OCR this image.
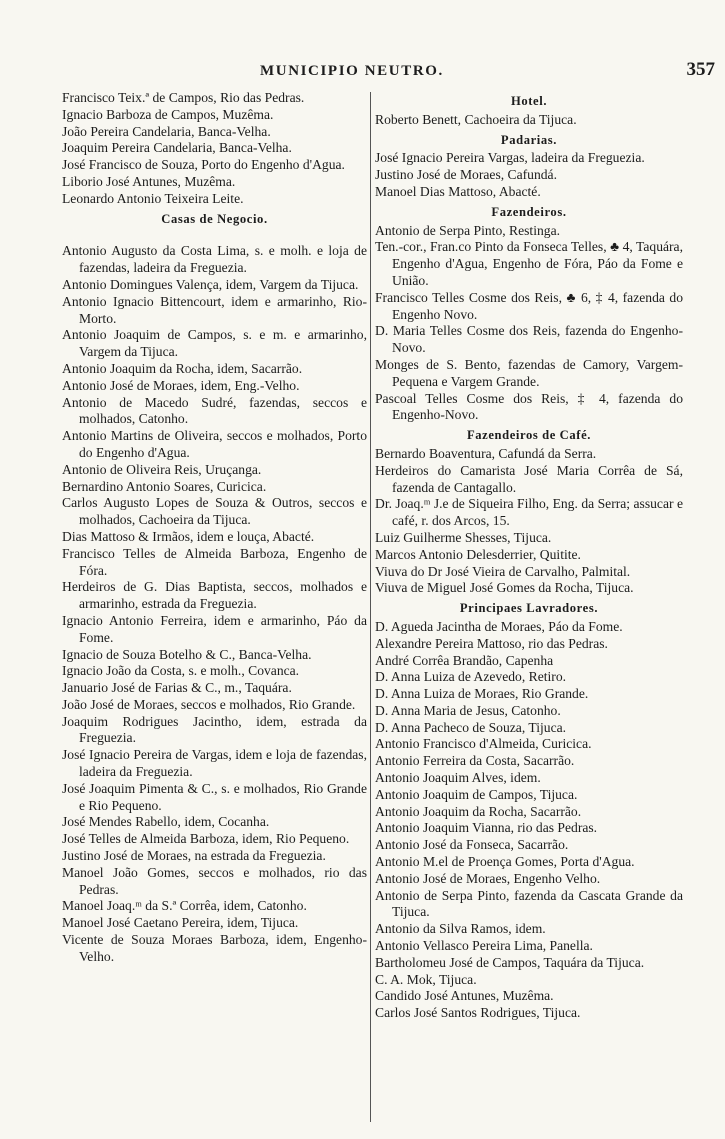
MUNICIPIO NEUTRO.	357
Francisco Teix.ª de Campos, Rio das Pedras.
Ignacio Barboza de Campos, Muzêma.
João Pereira Candelaria, Banca-Velha.
Joaquim Pereira Candelaria, Banca-Velha.
José Francisco de Souza, Porto do Engenho d'Agua.
Liborio José Antunes, Muzêma.
Leonardo Antonio Teixeira Leite.
Casas de Negocio.
Antonio Augusto da Costa Lima, s. e molh. e loja de fazendas, ladeira da Freguezia.
Antonio Domingues Valença, idem, Vargem da Tijuca.
Antonio Ignacio Bittencourt, idem e armarinho, Rio-Morto.
Antonio Joaquim de Campos, s. e m. e armarinho, Vargem da Tijuca.
Antonio Joaquim da Rocha, idem, Sacarrão.
Antonio José de Moraes, idem, Eng.-Velho.
Antonio de Macedo Sudré, fazendas, seccos e molhados, Catonho.
Antonio Martins de Oliveira, seccos e molhados, Porto do Engenho d'Agua.
Antonio de Oliveira Reis, Uruçanga.
Bernardino Antonio Soares, Curicica.
Carlos Augusto Lopes de Souza & Outros, seccos e molhados, Cachoeira da Tijuca.
Dias Mattoso & Irmãos, idem e louça, Abacté.
Francisco Telles de Almeida Barboza, Engenho de Fóra.
Herdeiros de G. Dias Baptista, seccos, molhados e armarinho, estrada da Freguezia.
Ignacio Antonio Ferreira, idem e armarinho, Páo da Fome.
Ignacio de Souza Botelho & C., Banca-Velha.
Ignacio João da Costa, s. e molh., Covanca.
Januario José de Farias & C., m., Taquára.
João José de Moraes, seccos e molhados, Rio Grande.
Joaquim Rodrigues Jacintho, idem, estrada da Freguezia.
José Ignacio Pereira de Vargas, idem e loja de fazendas, ladeira da Freguezia.
José Joaquim Pimenta & C., s. e molhados, Rio Grande e Rio Pequeno.
José Mendes Rabello, idem, Cocanha.
José Telles de Almeida Barboza, idem, Rio Pequeno.
Justino José de Moraes, na estrada da Freguezia.
Manoel João Gomes, seccos e molhados, rio das Pedras.
Manoel Joaq.ᵐ da S.ª Corrêa, idem, Catonho.
Manoel José Caetano Pereira, idem, Tijuca.
Vicente de Souza Moraes Barboza, idem, Engenho-Velho.
Hotel.
Roberto Benett, Cachoeira da Tijuca.
Padarias.
José Ignacio Pereira Vargas, ladeira da Freguezia.
Justino José de Moraes, Cafundá.
Manoel Dias Mattoso, Abacté.
Fazendeiros.
Antonio de Serpa Pinto, Restinga.
Ten.-cor., Fran.co Pinto da Fonseca Telles, ♣ 4, Taquára, Engenho d'Agua, Engenho de Fóra, Páo da Fome e União.
Francisco Telles Cosme dos Reis, ♣ 6, ‡ 4, fazenda do Engenho Novo.
D. Maria Telles Cosme dos Reis, fazenda do Engenho-Novo.
Monges de S. Bento, fazendas de Camory, Vargem-Pequena e Vargem Grande.
Pascoal Telles Cosme dos Reis, ‡ 4, fazenda do Engenho-Novo.
Fazendeiros de Café.
Bernardo Boaventura, Cafundá da Serra.
Herdeiros do Camarista José Maria Corrêa de Sá, fazenda de Cantagallo.
Dr. Joaq.ᵐ J.e de Siqueira Filho, Eng. da Serra; assucar e café, r. dos Arcos, 15.
Luiz Guilherme Shesses, Tijuca.
Marcos Antonio Delesderrier, Quitite.
Viuva do Dr José Vieira de Carvalho, Palmital.
Viuva de Miguel José Gomes da Rocha, Tijuca.
Principaes Lavradores.
D. Agueda Jacintha de Moraes, Páo da Fome.
Alexandre Pereira Mattoso, rio das Pedras.
André Corrêa Brandão, Capenha
D. Anna Luiza de Azevedo, Retiro.
D. Anna Luiza de Moraes, Rio Grande.
D. Anna Maria de Jesus, Catonho.
D. Anna Pacheco de Souza, Tijuca.
Antonio Francisco d'Almeida, Curicica.
Antonio Ferreira da Costa, Sacarrão.
Antonio Joaquim Alves, idem.
Antonio Joaquim de Campos, Tijuca.
Antonio Joaquim da Rocha, Sacarrão.
Antonio Joaquim Vianna, rio das Pedras.
Antonio José da Fonseca, Sacarrão.
Antonio M.el de Proença Gomes, Porta d'Agua.
Antonio José de Moraes, Engenho Velho.
Antonio de Serpa Pinto, fazenda da Cascata Grande da Tijuca.
Antonio da Silva Ramos, idem.
Antonio Vellasco Pereira Lima, Panella.
Bartholomeu José de Campos, Taquára da Tijuca.
C. A. Mok, Tijuca.
Candido José Antunes, Muzêma.
Carlos José Santos Rodrigues, Tijuca.
